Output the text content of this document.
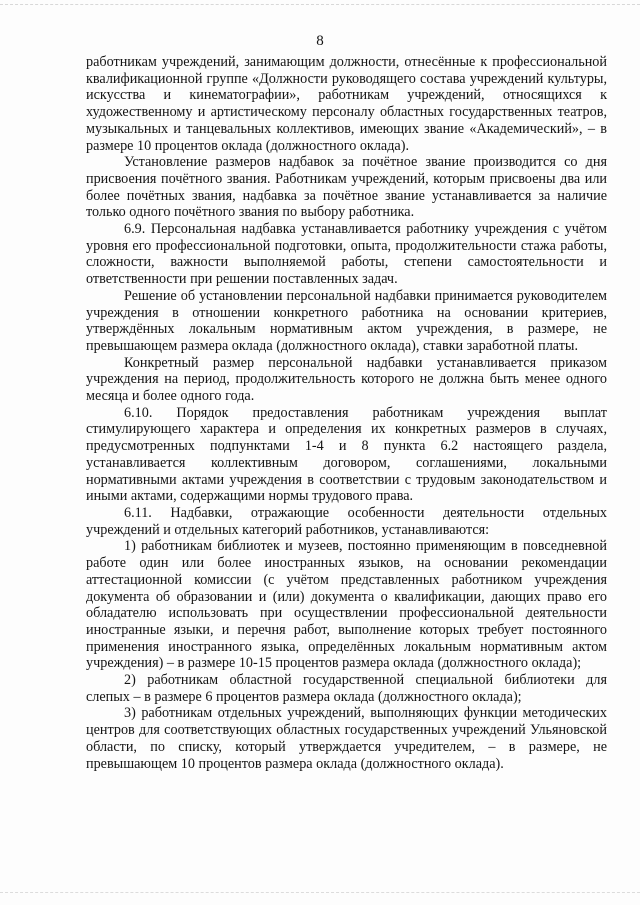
8

работникам учреждений, занимающим должности, отнесённые к профессиональной квалификационной группе «Должности руководящего состава учреждений культуры, искусства и кинематографии», работникам учреждений, относящихся к художественному и артистическому персоналу областных государственных театров, музыкальных и танцевальных коллективов, имеющих звание «Академический», – в размере 10 процентов оклада (должностного оклада).

Установление размеров надбавок за почётное звание производится со дня присвоения почётного звания. Работникам учреждений, которым присвоены два или более почётных звания, надбавка за почётное звание устанавливается за наличие только одного почётного звания по выбору работника.

6.9. Персональная надбавка устанавливается работнику учреждения с учётом уровня его профессиональной подготовки, опыта, продолжительности стажа работы, сложности, важности выполняемой работы, степени самостоятельности и ответственности при решении поставленных задач.

Решение об установлении персональной надбавки принимается руководителем учреждения в отношении конкретного работника на основании критериев, утверждённых локальным нормативным актом учреждения, в размере, не превышающем размера оклада (должностного оклада), ставки заработной платы.

Конкретный размер персональной надбавки устанавливается приказом учреждения на период, продолжительность которого не должна быть менее одного месяца и более одного года.

6.10. Порядок предоставления работникам учреждения выплат стимулирующего характера и определения их конкретных размеров в случаях, предусмотренных подпунктами 1-4 и 8 пункта 6.2 настоящего раздела, устанавливается коллективным договором, соглашениями, локальными нормативными актами учреждения в соответствии с трудовым законодательством и иными актами, содержащими нормы трудового права.

6.11. Надбавки, отражающие особенности деятельности отдельных учреждений и отдельных категорий работников, устанавливаются:

1) работникам библиотек и музеев, постоянно применяющим в повседневной работе один или более иностранных языков, на основании рекомендации аттестационной комиссии (с учётом представленных работником учреждения документа об образовании и (или) документа о квалификации, дающих право его обладателю использовать при осуществлении профессиональной деятельности иностранные языки, и перечня работ, выполнение которых требует постоянного применения иностранного языка, определённых локальным нормативным актом учреждения) – в размере 10-15 процентов размера оклада (должностного оклада);

2) работникам областной государственной специальной библиотеки для слепых – в размере 6 процентов размера оклада (должностного оклада);

3) работникам отдельных учреждений, выполняющих функции методических центров для соответствующих областных государственных учреждений Ульяновской области, по списку, который утверждается учредителем, – в размере, не превышающем 10 процентов размера оклада (должностного оклада).
